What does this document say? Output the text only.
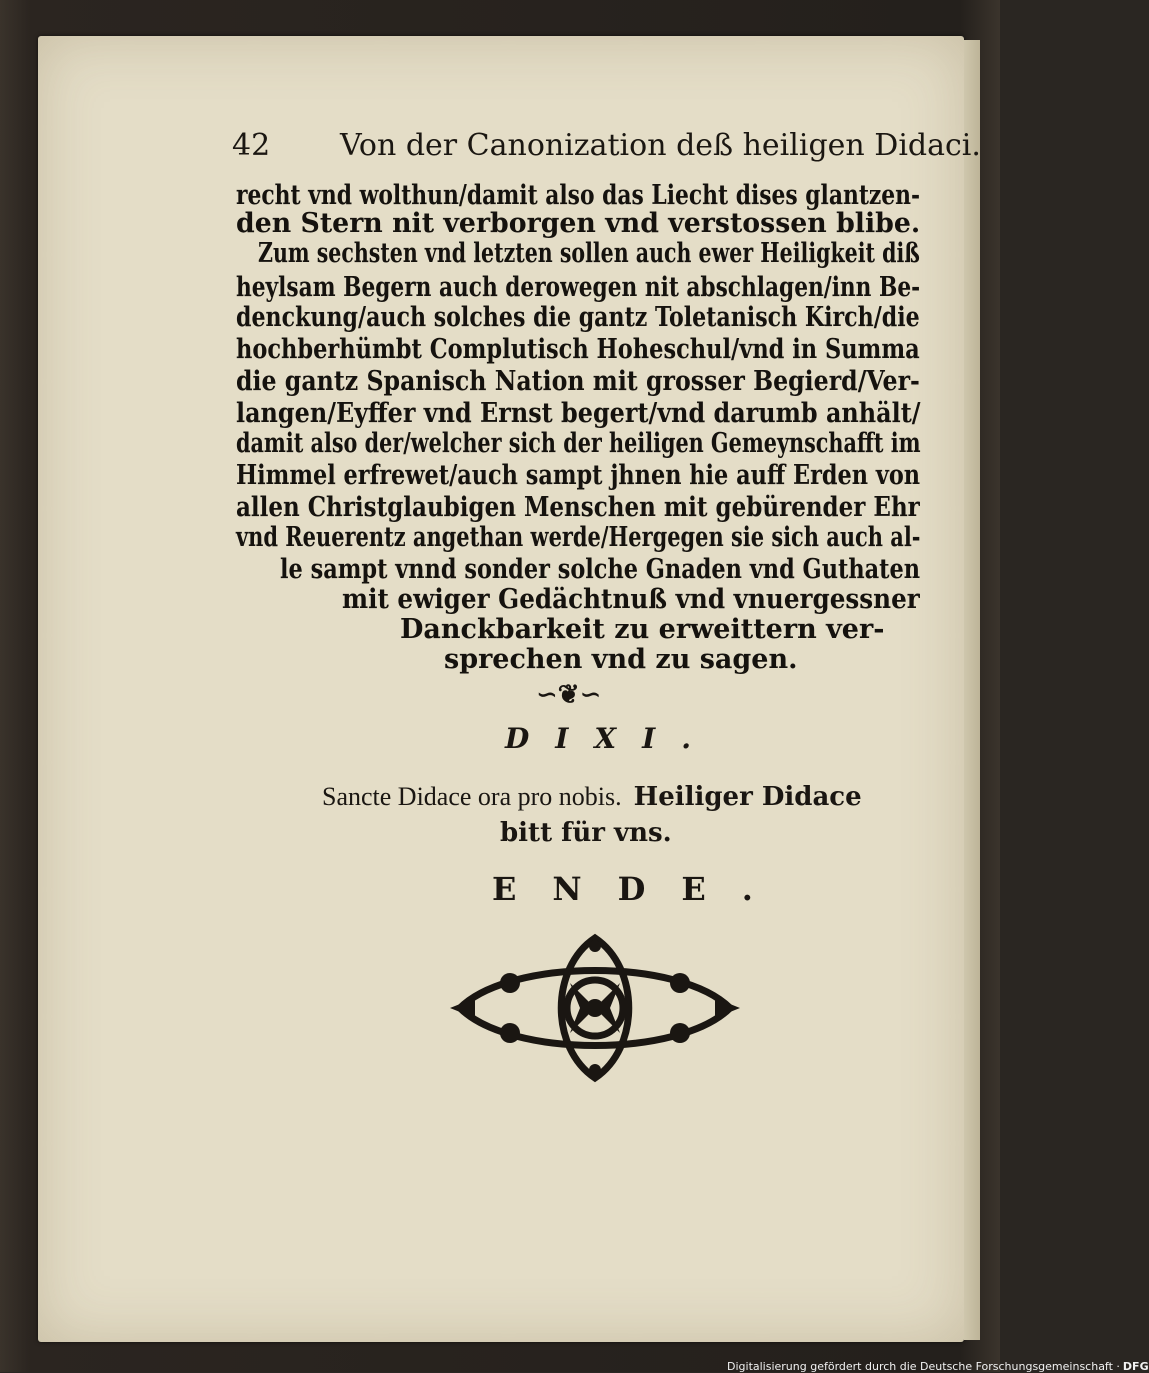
42 Von der Canonization deß heiligen Didaci.
recht vnd wolthun/damit also das Liecht dises glantzen-
den Stern nit verborgen vnd verstossen blibe.
Zum sechsten vnd letzten sollen auch ewer Heiligkeit diß
heylsam Begern auch derowegen nit abschlagen/inn Be-
denckung/auch solches die gantz Toletanisch Kirch/die
hochberhümbt Complutisch Hoheschul/vnd in Summa
die gantz Spanisch Nation mit grosser Begierd/Ver-
langen/Eyffer vnd Ernst begert/vnd darumb anhält/
damit also der/welcher sich der heiligen Gemeynschafft im
Himmel erfrewet/auch sampt jhnen hie auff Erden von
allen Christglaubigen Menschen mit gebürender Ehr
vnd Reuerentz angethan werde/Hergegen sie sich auch al-
le sampt vnnd sonder solche Gnaden vnd Guthaten
mit ewiger Gedächtnuß vnd vnuergessner
Danckbarkeit zu erweittern ver-
sprechen vnd zu sagen.
∽❦∽
DIXI.
Sancte Didace ora pro nobis. Heiliger Didace
bitt für vns.
ENDE.
Digitalisierung gefördert durch die Deutsche Forschungsgemeinschaft · DFG
